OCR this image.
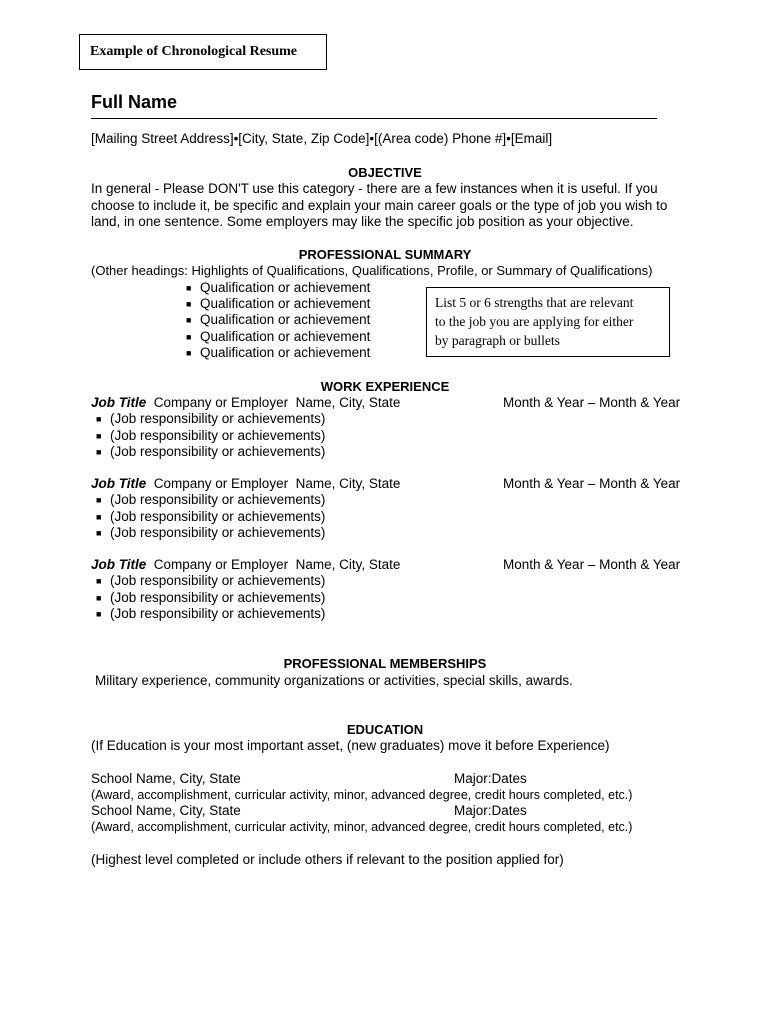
Example of Chronological Resume
Full Name
[Mailing Street Address]•[City, State, Zip Code]•[(Area code) Phone #]•[Email]
OBJECTIVE
In general - Please DON'T use this category - there are a few instances when it is useful. If you
choose to include it, be specific and explain your main career goals or the type of job you wish to
land, in one sentence. Some employers may like the specific job position as your objective.
PROFESSIONAL SUMMARY
(Other headings: Highlights of Qualifications, Qualifications, Profile, or Summary of Qualifications)
■ Qualification or achievement
■ Qualification or achievement
■ Qualification or achievement
■ Qualification or achievement
■ Qualification or achievement
List 5 or 6 strengths that are relevant
to the job you are applying for either
by paragraph or bullets
WORK EXPERIENCE
Job Title  Company or Employer  Name, City, State	Month & Year – Month & Year
■ (Job responsibility or achievements)
■ (Job responsibility or achievements)
■ (Job responsibility or achievements)
Job Title  Company or Employer  Name, City, State	Month & Year – Month & Year
■ (Job responsibility or achievements)
■ (Job responsibility or achievements)
■ (Job responsibility or achievements)
Job Title  Company or Employer  Name, City, State	Month & Year – Month & Year
■ (Job responsibility or achievements)
■ (Job responsibility or achievements)
■ (Job responsibility or achievements)
PROFESSIONAL MEMBERSHIPS
Military experience, community organizations or activities, special skills, awards.
EDUCATION
(If Education is your most important asset, (new graduates) move it before Experience)
School Name, City, State	Major:Dates
(Award, accomplishment, curricular activity, minor, advanced degree, credit hours completed, etc.)
School Name, City, State	Major:Dates
(Award, accomplishment, curricular activity, minor, advanced degree, credit hours completed, etc.)
(Highest level completed or include others if relevant to the position applied for)
